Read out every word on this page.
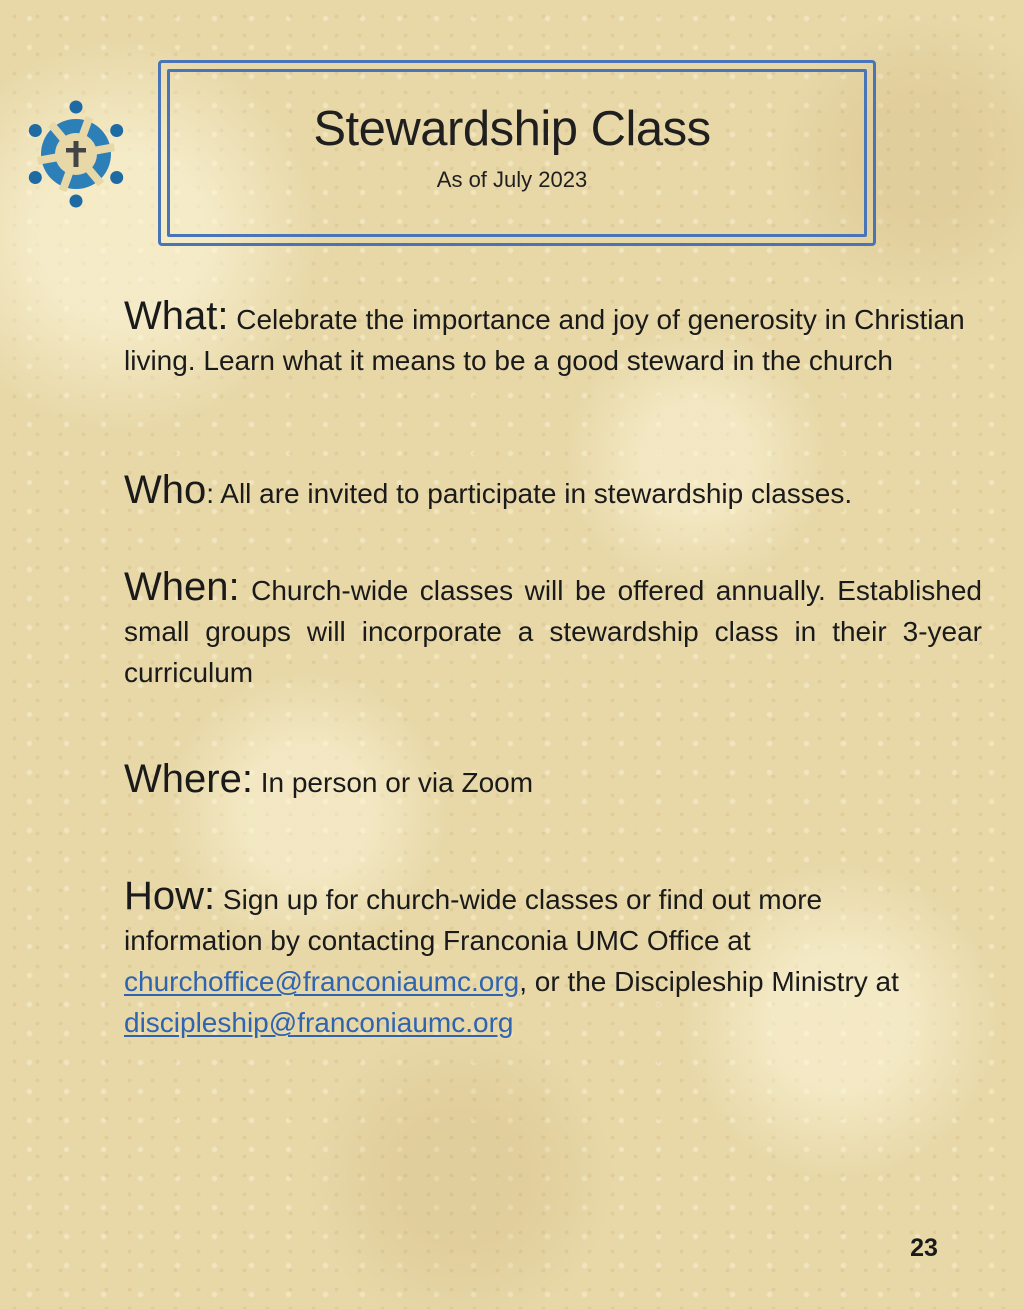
Stewardship Class
As of July 2023
What: Celebrate the importance and joy of generosity in Christian living. Learn what it means to be a good steward in the church
Who: All are invited to participate in stewardship classes.
When: Church-wide classes will be offered annually. Established small groups will incorporate a stewardship class in their 3-year curriculum
Where: In person or via Zoom
How: Sign up for church-wide classes or find out more information by contacting Franconia UMC Office at churchoffice@franconiaumc.org, or the Discipleship Ministry at discipleship@franconiaumc.org
23
